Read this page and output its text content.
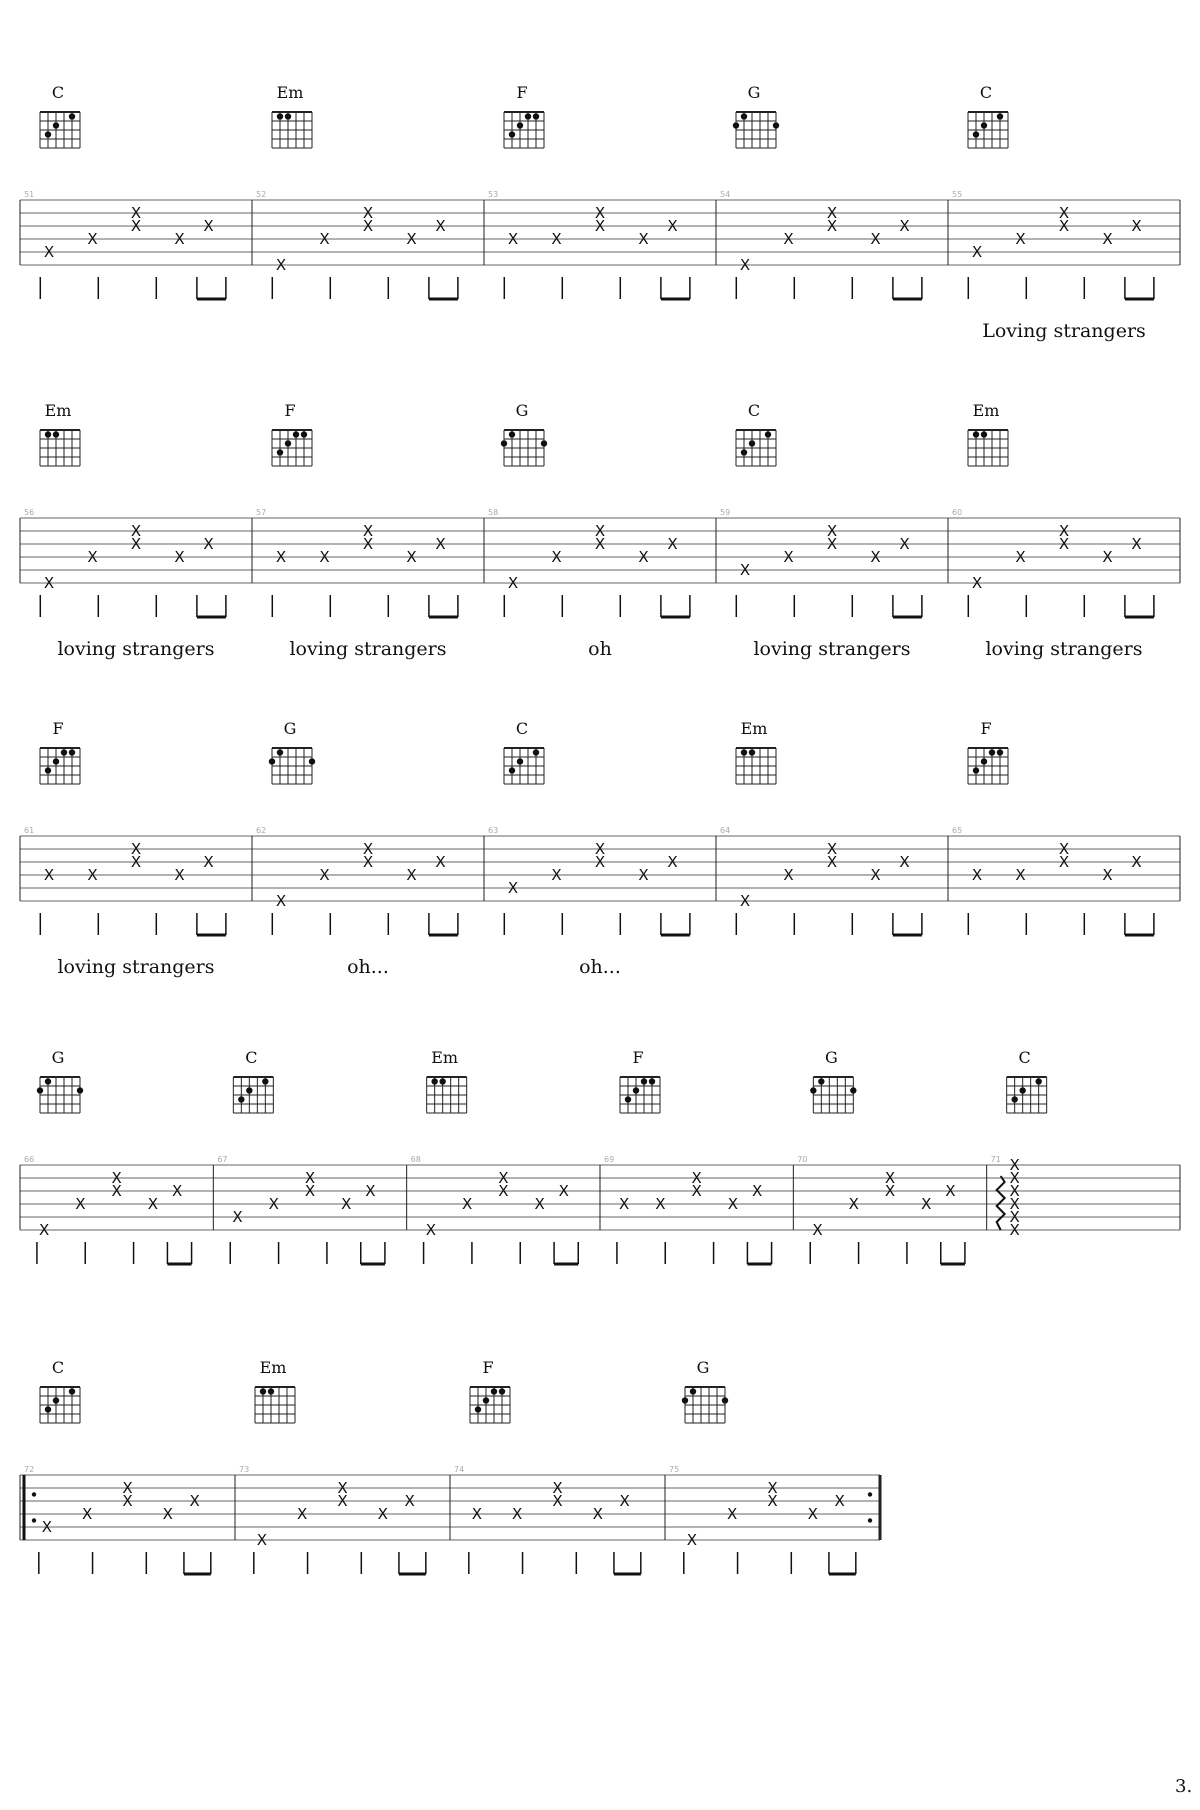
51
C
X
X
X
X
X
X
52
Em
X
X
X
X
X
X
53
F
X X
X
X
X
X
54
G
X
X
X
X
X
X
55
C
X
X
X
X
X
X
Loving strangers
56
Em
X
X
X
X
X
X
loving strangers
57
F
X X
X
X
X
X
loving strangers
58
G
X
X
X
X
X
X
oh
59
C
X
X
X
X
X
X
loving strangers
60
Em
X
X
X
X
X
X
loving strangers
61
F
X X
X
X
X
X
loving strangers
62
G
X
X
X
X
X
X
oh...
63
C
X
X
X
X
X
X
oh...
64
Em
X
X
X
X
X
X
65
F
X X
X
X
X
X
66
G
X
X
X
X
X
X
67
C
X
X
X
X
X
X
68
Em
X
X
X
X
X
X
69
F
X X
X
X
X
X
70
G
X
X
X
X
X
X
71
C
X
X
X
X
X
X
72
C
X
X
X
X
X
X
73
Em
X
X
X
X
X
X
74
F
X X
X
X
X
X
75
G
X
X
X
X
X
X
3.
